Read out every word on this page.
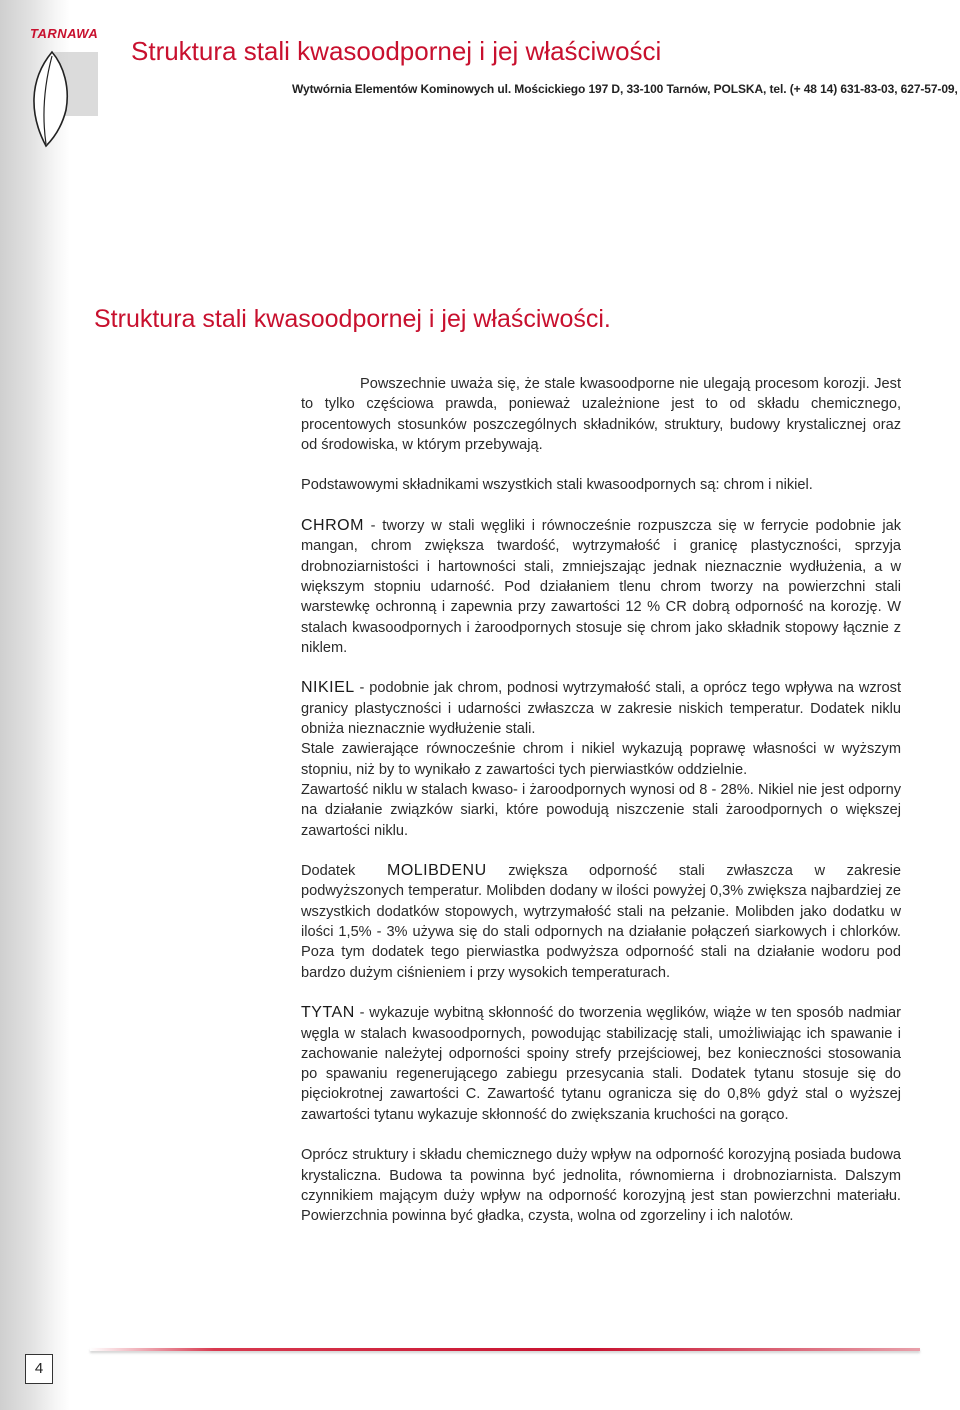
TARNAWA
Struktura stali kwasoodpornej i jej właściwości
Wytwórnia Elementów Kominowych ul. Mościckiego 197 D, 33-100 Tarnów, POLSKA, tel. (+ 48 14) 631-83-03, 627-57-09,
Struktura stali kwasoodpornej i jej właściwości.

Powszechnie uważa się, że stale kwasoodporne nie ulegają procesom korozji. Jest to tylko częściowa prawda, ponieważ uzależnione jest to od składu chemicznego, procentowych stosunków poszczególnych składników, struktury, budowy krystalicznej oraz od środowiska, w którym przebywają.

Podstawowymi składnikami wszystkich stali kwasoodpornych są: chrom i nikiel.

CHROM - tworzy w stali węgliki i równocześnie rozpuszcza się w ferrycie podobnie jak mangan, chrom zwiększa twardość, wytrzymałość i granicę plastyczności, sprzyja drobnoziarnistości i hartowności stali, zmniejszając jednak nieznacznie wydłużenia, a w większym stopniu udarność. Pod działaniem tlenu chrom tworzy na powierzchni stali warstewkę ochronną i zapewnia przy zawartości 12 % CR dobrą odporność na korozję. W stalach kwasoodpornych i żaroodpornych stosuje się chrom jako składnik stopowy łącznie z niklem.

NIKIEL - podobnie jak chrom, podnosi wytrzymałość stali, a oprócz tego wpływa na wzrost granicy plastyczności i udarności zwłaszcza w zakresie niskich temperatur. Dodatek niklu obniża nieznacznie wydłużenie stali.

Stale zawierające równocześnie chrom i nikiel wykazują poprawę własności w wyższym stopniu, niż by to wynikało z zawartości tych pierwiastków oddzielnie.

Zawartość niklu w stalach kwaso- i żaroodpornych wynosi od 8 - 28%. Nikiel nie jest odporny na działanie związków siarki, które powodują niszczenie stali żaroodpornych o większej zawartości niklu.

DodatekMOLIBDENU zwiększa odporność stali zwłaszcza w zakresie podwyższonych temperatur. Molibden dodany w ilości powyżej 0,3% zwiększa najbardziej ze wszystkich dodatków stopowych, wytrzymałość stali na pełzanie. Molibden jako dodatku w ilości 1,5% - 3% używa się do stali odpornych na działanie połączeń siarkowych i chlorków. Poza tym dodatek tego pierwiastka podwyższa odporność stali na działanie wodoru pod bardzo dużym ciśnieniem i przy wysokich temperaturach.

TYTAN - wykazuje wybitną skłonność do tworzenia węglików, wiąże w ten sposób nadmiar węgla w stalach kwasoodpornych, powodując stabilizację stali, umożliwiając ich spawanie i zachowanie należytej odporności spoiny strefy przejściowej, bez konieczności stosowania po spawaniu regenerującego zabiegu przesycania stali. Dodatek tytanu stosuje się do pięciokrotnej zawartości C. Zawartość tytanu ogranicza się do 0,8% gdyż stal o wyższej zawartości tytanu wykazuje skłonność do zwiększania kruchości na gorąco.

Oprócz struktury i składu chemicznego duży wpływ na odporność korozyjną posiada budowa krystaliczna. Budowa ta powinna być jednolita, równomierna i drobnoziarnista. Dalszym czynnikiem mającym duży wpływ na odporność korozyjną jest stan powierzchni materiału. Powierzchnia powinna być gładka, czysta, wolna od zgorzeliny i ich nalotów.

4
